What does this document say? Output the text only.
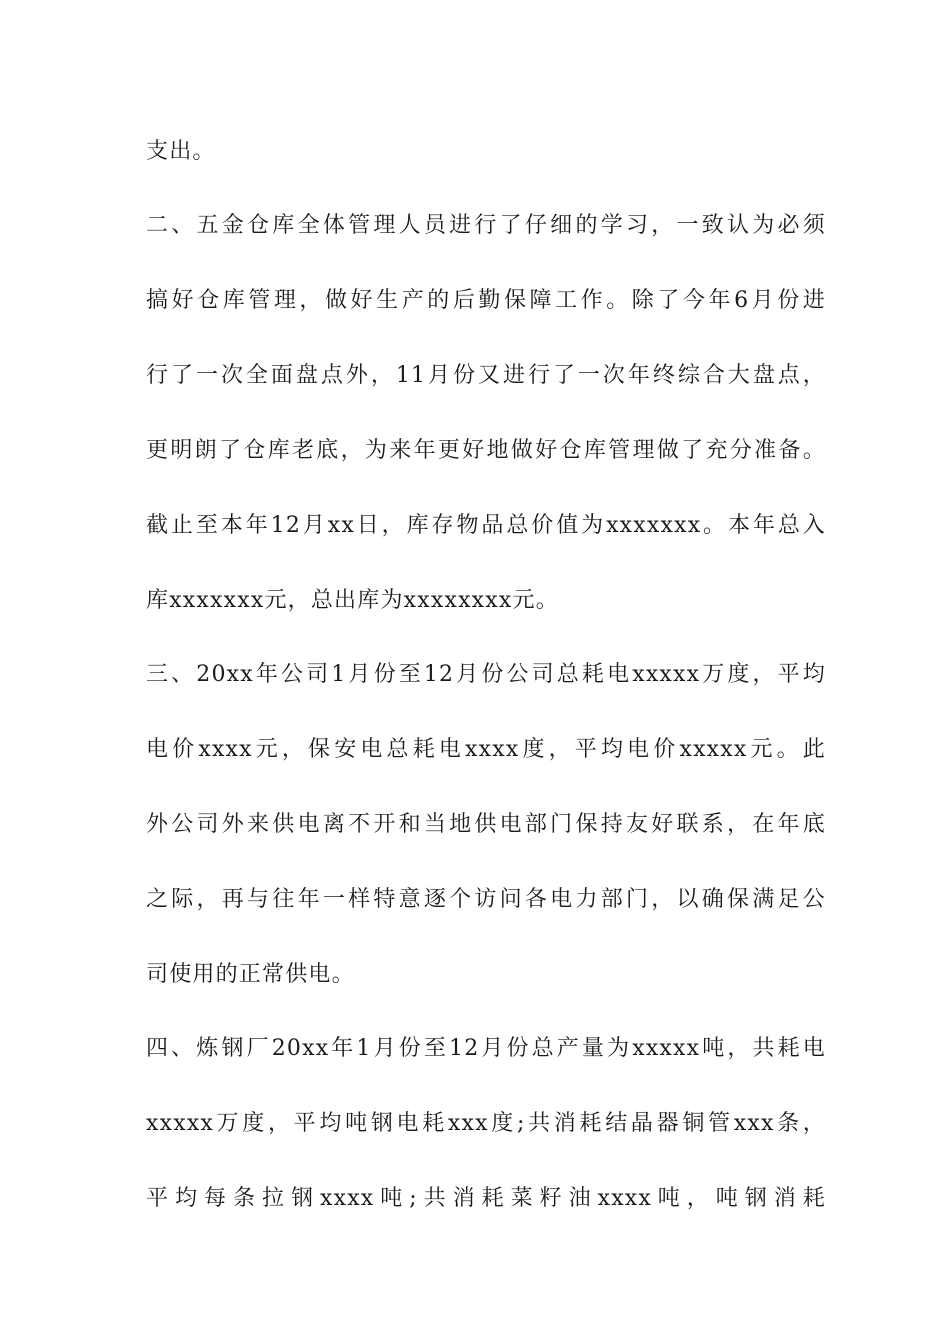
支出。
二、五金仓库全体管理人员进行了仔细的学习，一致认为必须
搞好仓库管理，做好生产的后勤保障工作。除了今年6月份进
行了一次全面盘点外，11月份又进行了一次年终综合大盘点，
更明朗了仓库老底，为来年更好地做好仓库管理做了充分准备。
截止至本年12月xx日，库存物品总价值为xxxxxxx。本年总入
库xxxxxxx元，总出库为xxxxxxxx元。
三、20xx年公司1月份至12月份公司总耗电xxxxx万度，平均
电价xxxx元，保安电总耗电xxxx度，平均电价xxxxx元。此
外公司外来供电离不开和当地供电部门保持友好联系，在年底
之际，再与往年一样特意逐个访问各电力部门，以确保满足公
司使用的正常供电。
四、炼钢厂20xx年1月份至12月份总产量为xxxxx吨，共耗电
xxxxx万度，平均吨钢电耗xxx度;共消耗结晶器铜管xxx条，
平均每条拉钢xxxx吨;共消耗菜籽油xxxx吨，吨钢消耗
